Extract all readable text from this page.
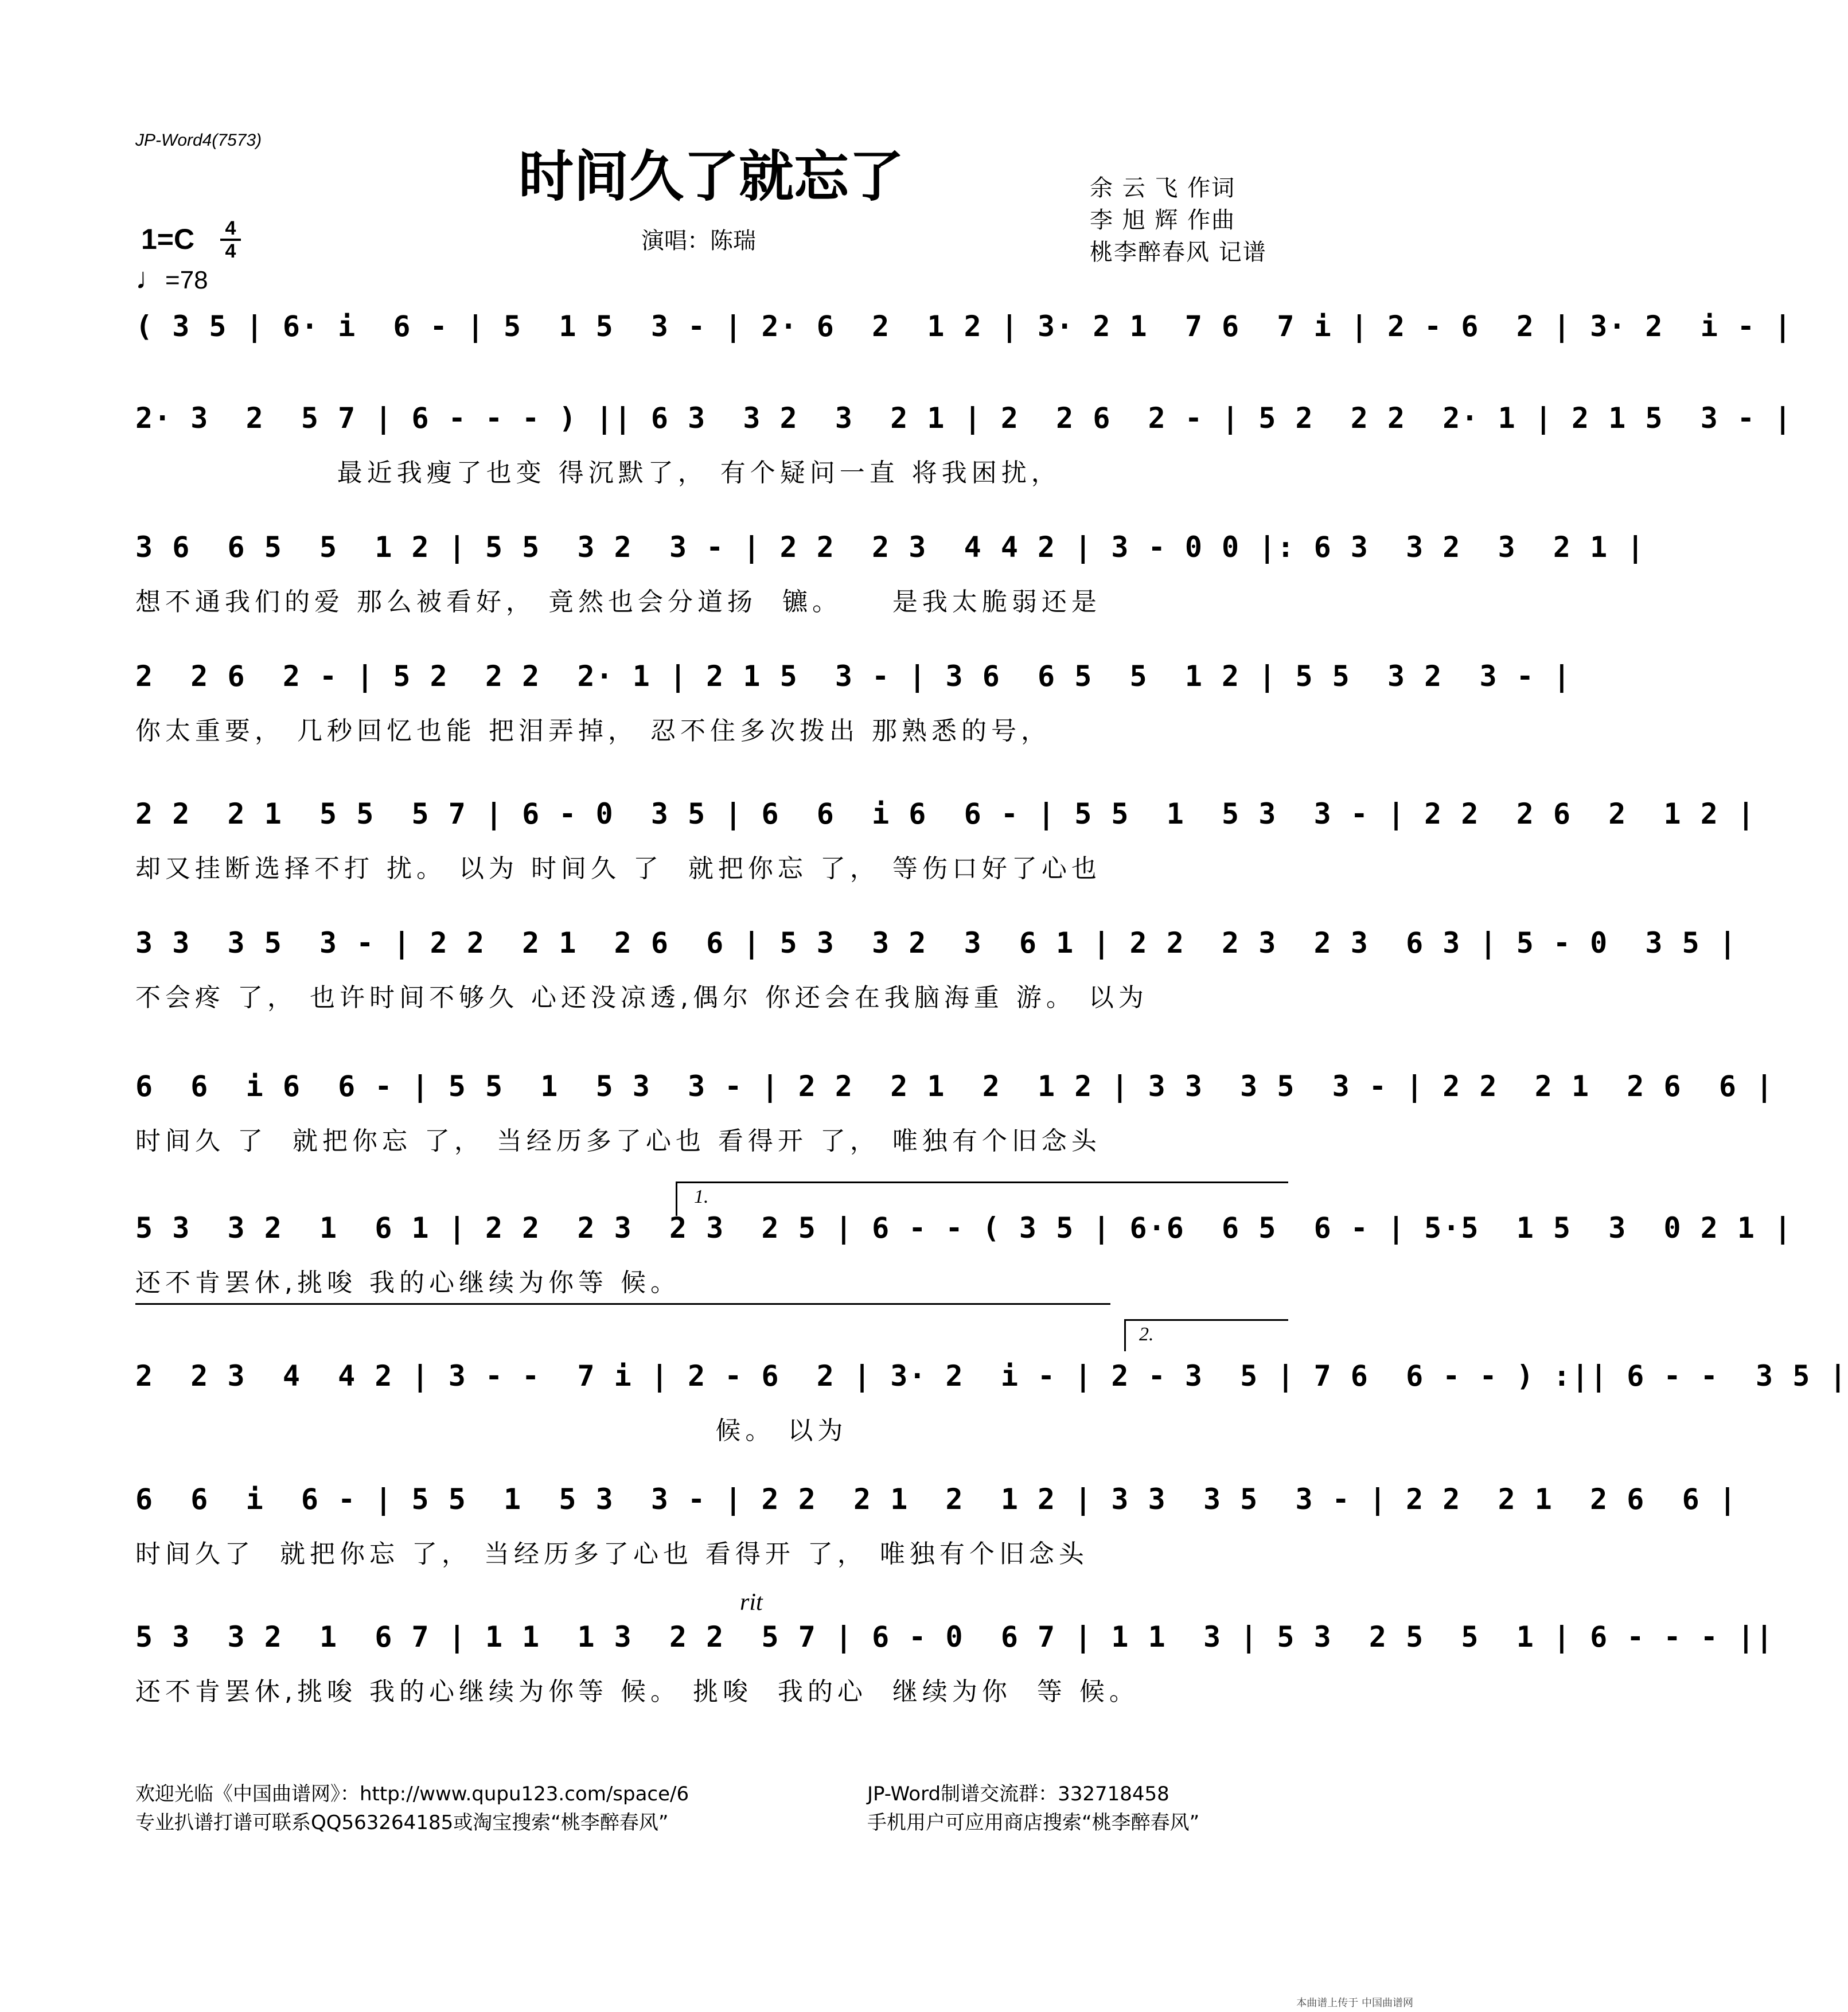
JP-Word4(7573)
时间久了就忘了
演唱：陈瑞
余 云 飞 作词
李 旭 辉 作曲
桃李醉春风 记谱
1=C 4
4
♩=78
( 3 5 | 6· i  6 - | 5  1 5  3 - | 2· 6  2  1 2 | 3· 2 1  7 6  7 i | 2 - 6  2 | 3· 2  i - |
2· 3  2  5 7 | 6 - - - ) || 6 3  3 2  3  2 1 | 2  2 6  2 - | 5 2  2 2  2· 1 | 2 1 5  3 - |
最近我瘦了也变 得沉默了， 有个疑问一直 将我困扰，
3 6  6 5  5  1 2 | 5 5  3 2  3 - | 2 2  2 3  4 4 2 | 3 - 0 0 |: 6 3  3 2  3  2 1 |
想不通我们的爱 那么被看好， 竟然也会分道扬  镳。    是我太脆弱还是
2  2 6  2 - | 5 2  2 2  2· 1 | 2 1 5  3 - | 3 6  6 5  5  1 2 | 5 5  3 2  3 - |
你太重要， 几秒回忆也能 把泪弄掉， 忍不住多次拨出 那熟悉的号，
2 2  2 1  5 5  5 7 | 6 - 0  3 5 | 6  6  i 6  6 - | 5 5  1  5 3  3 - | 2 2  2 6  2  1 2 |
却又挂断选择不打 扰。 以为 时间久 了  就把你忘 了， 等伤口好了心也
3 3  3 5  3 - | 2 2  2 1  2 6  6 | 5 3  3 2  3  6 1 | 2 2  2 3  2 3  6 3 | 5 - 0  3 5 |
不会疼 了， 也许时间不够久 心还没凉透,偶尔 你还会在我脑海重 游。 以为
6  6  i 6  6 - | 5 5  1  5 3  3 - | 2 2  2 1  2  1 2 | 3 3  3 5  3 - | 2 2  2 1  2 6  6 |
时间久 了  就把你忘 了， 当经历多了心也 看得开 了， 唯独有个旧念头
1.
5 3  3 2  1  6 1 | 2 2  2 3  2 3  2 5 | 6 - - ( 3 5 | 6·6  6 5  6 - | 5·5  1 5  3  0 2 1 |
还不肯罢休,挑唆 我的心继续为你等 候。
2.
2  2 3  4  4 2 | 3 - -  7 i | 2 - 6  2 | 3· 2  i - | 2 - 3  5 | 7 6  6 - - ) :|| 6 - -  3 5 |
候。 以为
6  6  i  6 - | 5 5  1  5 3  3 - | 2 2  2 1  2  1 2 | 3 3  3 5  3 - | 2 2  2 1  2 6  6 |
时间久了  就把你忘 了， 当经历多了心也 看得开 了， 唯独有个旧念头
rit
5 3  3 2  1  6 7 | 1 1  1 3  2 2  5 7 | 6 - 0  6 7 | 1 1  3 | 5 3  2 5  5  1 | 6 - - - ||
还不肯罢休,挑唆 我的心继续为你等 候。 挑唆  我的心  继续为你  等 候。
欢迎光临《中国曲谱网》：http://www.qupu123.com/space/6
专业扒谱打谱可联系QQ563264185或淘宝搜索“桃李醉春风”
JP-Word制谱交流群：332718458
手机用户可应用商店搜索“桃李醉春风”
本曲谱上传于 中国曲谱网
